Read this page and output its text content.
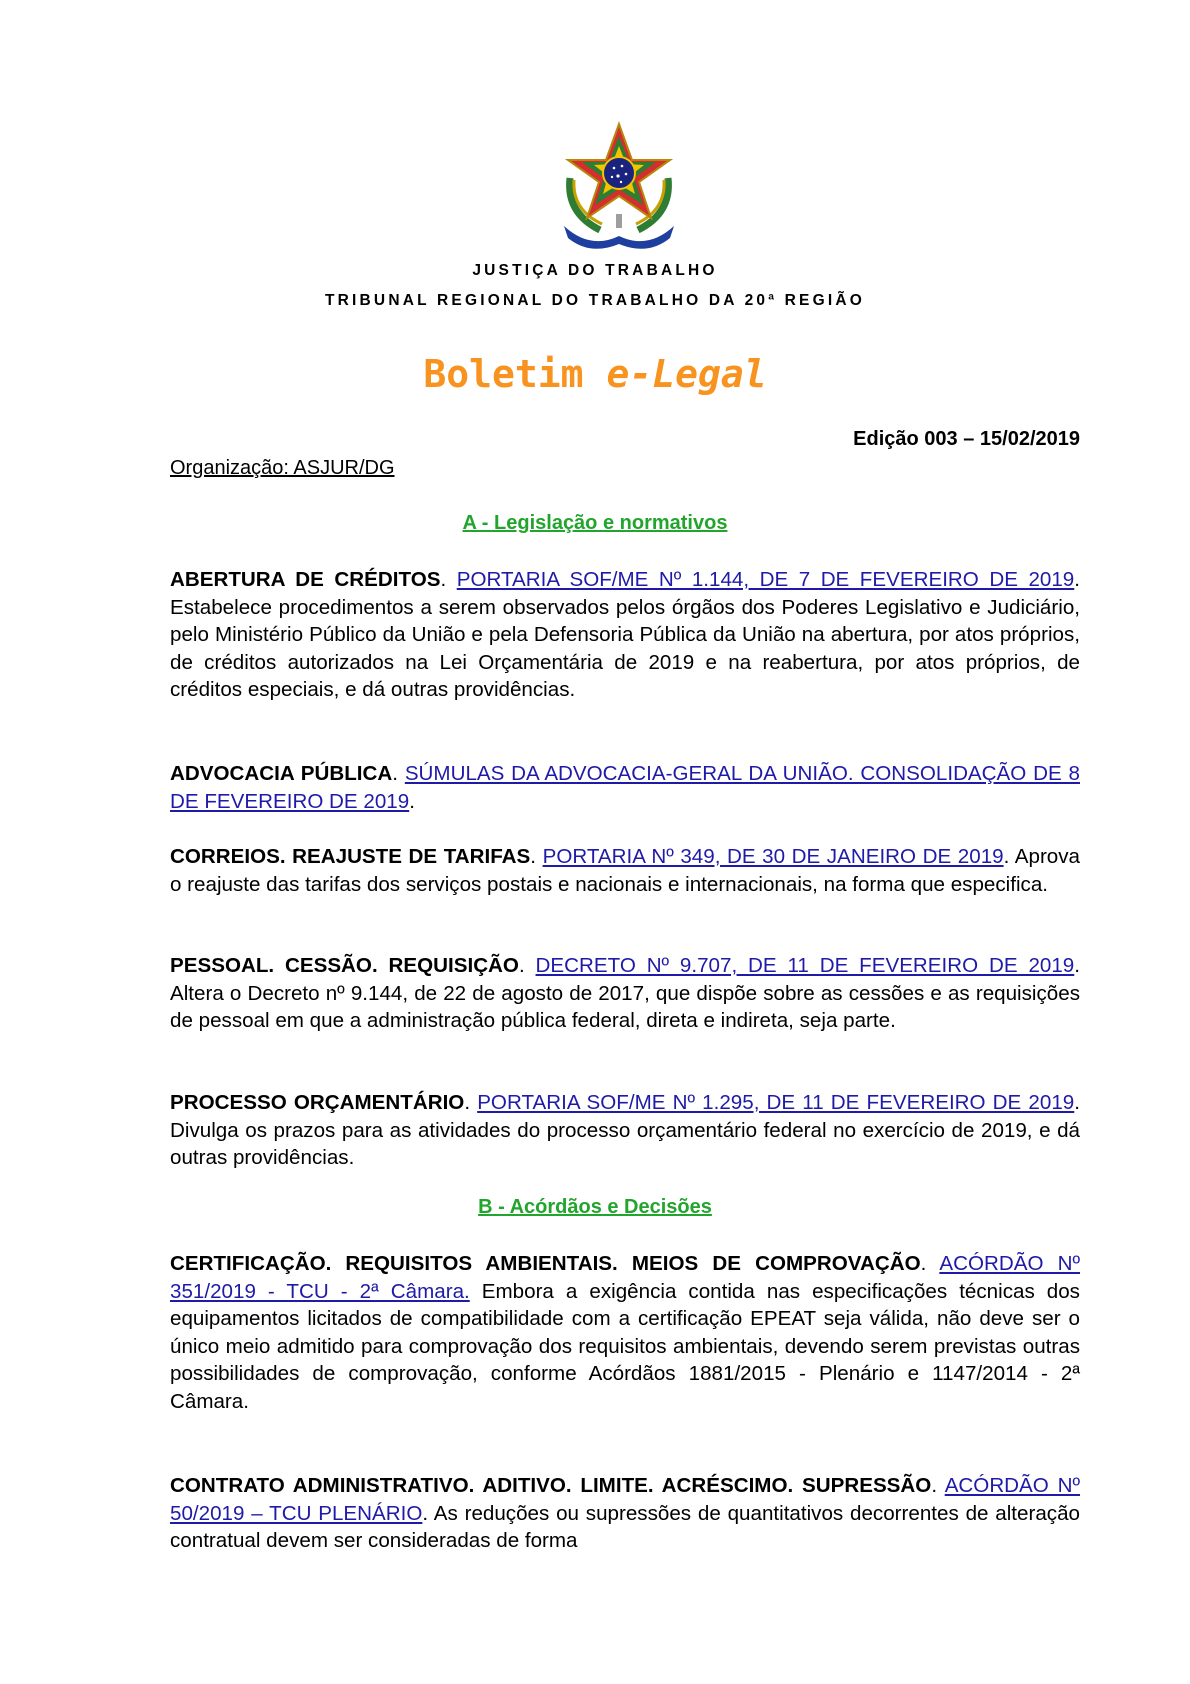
JUSTIÇA DO TRABALHO
TRIBUNAL REGIONAL DO TRABALHO DA 20ª REGIÃO
Boletim e-Legal
Edição 003 – 15/02/2019
Organização: ASJUR/DG
A - Legislação e normativos

ABERTURA DE CRÉDITOS. PORTARIA SOF/ME Nº 1.144, DE 7 DE FEVEREIRO DE 2019. Estabelece procedimentos a serem observados pelos órgãos dos Poderes Legislativo e Judiciário, pelo Ministério Público da União e pela Defensoria Pública da União na abertura, por atos próprios, de créditos autorizados na Lei Orçamentária de 2019 e na reabertura, por atos próprios, de créditos especiais, e dá outras providências.

ADVOCACIA PÚBLICA. SÚMULAS DA ADVOCACIA-GERAL DA UNIÃO. CONSOLIDAÇÃO DE 8 DE FEVEREIRO DE 2019.

CORREIOS. REAJUSTE DE TARIFAS. PORTARIA Nº 349, DE 30 DE JANEIRO DE 2019. Aprova o reajuste das tarifas dos serviços postais e nacionais e internacionais, na forma que especifica.

PESSOAL. CESSÃO. REQUISIÇÃO. DECRETO Nº 9.707, DE 11 DE FEVEREIRO DE 2019. Altera o Decreto nº 9.144, de 22 de agosto de 2017, que dispõe sobre as cessões e as requisições de pessoal em que a administração pública federal, direta e indireta, seja parte.

PROCESSO ORÇAMENTÁRIO. PORTARIA SOF/ME Nº 1.295, DE 11 DE FEVEREIRO DE 2019. Divulga os prazos para as atividades do processo orçamentário federal no exercício de 2019, e dá outras providências.

B - Acórdãos e Decisões

CERTIFICAÇÃO. REQUISITOS AMBIENTAIS. MEIOS DE COMPROVAÇÃO. ACÓRDÃO Nº 351/2019 - TCU - 2ª Câmara. Embora a exigência contida nas especificações técnicas dos equipamentos licitados de compatibilidade com a certificação EPEAT seja válida, não deve ser o único meio admitido para comprovação dos requisitos ambientais, devendo serem previstas outras possibilidades de comprovação, conforme Acórdãos 1881/2015 - Plenário e 1147/2014 - 2ª Câmara.

CONTRATO ADMINISTRATIVO. ADITIVO. LIMITE. ACRÉSCIMO. SUPRESSÃO. ACÓRDÃO Nº 50/2019 – TCU PLENÁRIO. As reduções ou supressões de quantitativos decorrentes de alteração contratual devem ser consideradas de forma
